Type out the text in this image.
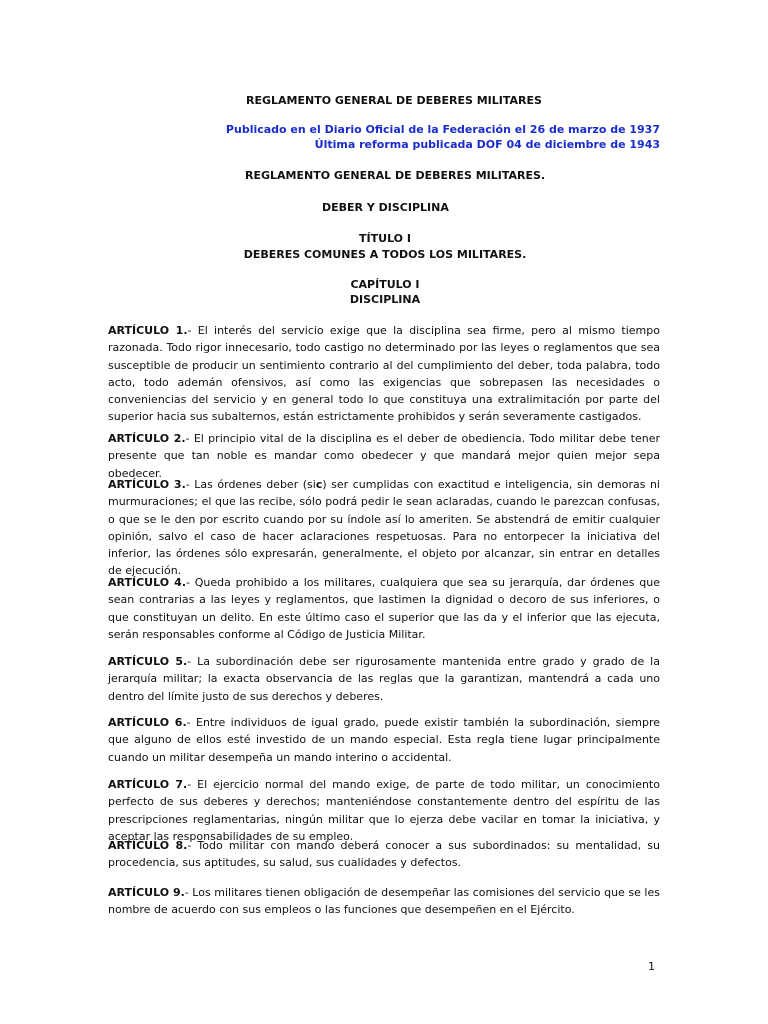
REGLAMENTO GENERAL DE DEBERES MILITARES
Publicado en el Diario Oficial de la Federación el 26 de marzo de 1937
Última reforma publicada DOF 04 de diciembre de 1943
REGLAMENTO GENERAL DE DEBERES MILITARES.
DEBER Y DISCIPLINA
TÍTULO I
DEBERES COMUNES A TODOS LOS MILITARES.
CAPÍTULO I
DISCIPLINA

ARTÍCULO 1.- El interés del servicio exige que la disciplina sea firme, pero al mismo tiempo razonada. Todo rigor innecesario, todo castigo no determinado por las leyes o reglamentos que sea susceptible de producir un sentimiento contrario al del cumplimiento del deber, toda palabra, todo acto, todo ademán ofensivos, así como las exigencias que sobrepasen las necesidades o conveniencias del servicio y en general todo lo que constituya una extralimitación por parte del superior hacia sus subalternos, están estrictamente prohibidos y serán severamente castigados.

ARTÍCULO 2.- El principio vital de la disciplina es el deber de obediencia. Todo militar debe tener presente que tan noble es mandar como obedecer y que mandará mejor quien mejor sepa obedecer.

ARTÍCULO 3.- Las órdenes deber (sic) ser cumplidas con exactitud e inteligencia, sin demoras ni murmuraciones; el que las recibe, sólo podrá pedir le sean aclaradas, cuando le parezcan confusas, o que se le den por escrito cuando por su índole así lo ameriten. Se abstendrá de emitir cualquier opinión, salvo el caso de hacer aclaraciones respetuosas. Para no entorpecer la iniciativa del inferior, las órdenes sólo expresarán, generalmente, el objeto por alcanzar, sin entrar en detalles de ejecución.

ARTÍCULO 4.- Queda prohibido a los militares, cualquiera que sea su jerarquía, dar órdenes que sean contrarias a las leyes y reglamentos, que lastimen la dignidad o decoro de sus inferiores, o que constituyan un delito. En este último caso el superior que las da y el inferior que las ejecuta, serán responsables conforme al Código de Justicia Militar.

ARTÍCULO 5.- La subordinación debe ser rigurosamente mantenida entre grado y grado de la jerarquía militar; la exacta observancia de las reglas que la garantizan, mantendrá a cada uno dentro del límite justo de sus derechos y deberes.

ARTÍCULO 6.- Entre individuos de igual grado, puede existir también la subordinación, siempre que alguno de ellos esté investido de un mando especial. Esta regla tiene lugar principalmente cuando un militar desempeña un mando interino o accidental.

ARTÍCULO 7.- El ejercicio normal del mando exige, de parte de todo militar, un conocimiento perfecto de sus deberes y derechos; manteniéndose constantemente dentro del espíritu de las prescripciones reglamentarias, ningún militar que lo ejerza debe vacilar en tomar la iniciativa, y aceptar las responsabilidades de su empleo.

ARTÍCULO 8.- Todo militar con mando deberá conocer a sus subordinados: su mentalidad, su procedencia, sus aptitudes, su salud, sus cualidades y defectos.

ARTÍCULO 9.- Los militares tienen obligación de desempeñar las comisiones del servicio que se les nombre de acuerdo con sus empleos o las funciones que desempeñen en el Ejército.

1
